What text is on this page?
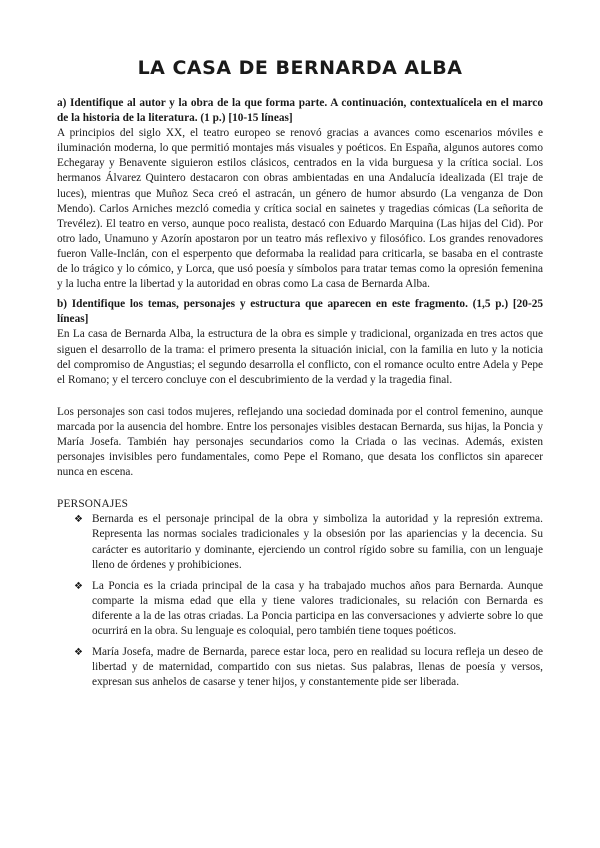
LA CASA DE BERNARDA ALBA

a) Identifique al autor y la obra de la que forma parte. A continuación, contextualícela en el marco de la historia de la literatura. (1 p.) [10-15 líneas]

A principios del siglo XX, el teatro europeo se renovó gracias a avances como escenarios móviles e iluminación moderna, lo que permitió montajes más visuales y poéticos. En España, algunos autores como Echegaray y Benavente siguieron estilos clásicos, centrados en la vida burguesa y la crítica social. Los hermanos Álvarez Quintero destacaron con obras ambientadas en una Andalucía idealizada (El traje de luces), mientras que Muñoz Seca creó el astracán, un género de humor absurdo (La venganza de Don Mendo). Carlos Arniches mezcló comedia y crítica social en sainetes y tragedias cómicas (La señorita de Trevélez). El teatro en verso, aunque poco realista, destacó con Eduardo Marquina (Las hijas del Cid). Por otro lado, Unamuno y Azorín apostaron por un teatro más reflexivo y filosófico. Los grandes renovadores fueron Valle-Inclán, con el esperpento que deformaba la realidad para criticarla, se basaba en el contraste de lo trágico y lo cómico, y Lorca, que usó poesía y símbolos para tratar temas como la opresión femenina y la lucha entre la libertad y la autoridad en obras como La casa de Bernarda Alba.

b) Identifique los temas, personajes y estructura que aparecen en este fragmento. (1,5 p.) [20-25 líneas]

En La casa de Bernarda Alba, la estructura de la obra es simple y tradicional, organizada en tres actos que siguen el desarrollo de la trama: el primero presenta la situación inicial, con la familia en luto y la noticia del compromiso de Angustias; el segundo desarrolla el conflicto, con el romance oculto entre Adela y Pepe el Romano; y el tercero concluye con el descubrimiento de la verdad y la tragedia final.

Los personajes son casi todos mujeres, reflejando una sociedad dominada por el control femenino, aunque marcada por la ausencia del hombre. Entre los personajes visibles destacan Bernarda, sus hijas, la Poncia y María Josefa. También hay personajes secundarios como la Criada o las vecinas. Además, existen personajes invisibles pero fundamentales, como Pepe el Romano, que desata los conflictos sin aparecer nunca en escena.

PERSONAJES

❖ Bernarda es el personaje principal de la obra y simboliza la autoridad y la represión extrema. Representa las normas sociales tradicionales y la obsesión por las apariencias y la decencia. Su carácter es autoritario y dominante, ejerciendo un control rígido sobre su familia, con un lenguaje lleno de órdenes y prohibiciones.
❖ La Poncia es la criada principal de la casa y ha trabajado muchos años para Bernarda. Aunque comparte la misma edad que ella y tiene valores tradicionales, su relación con Bernarda es diferente a la de las otras criadas. La Poncia participa en las conversaciones y advierte sobre lo que ocurrirá en la obra. Su lenguaje es coloquial, pero también tiene toques poéticos.
❖ María Josefa, madre de Bernarda, parece estar loca, pero en realidad su locura refleja un deseo de libertad y de maternidad, compartido con sus nietas. Sus palabras, llenas de poesía y versos, expresan sus anhelos de casarse y tener hijos, y constantemente pide ser liberada.
